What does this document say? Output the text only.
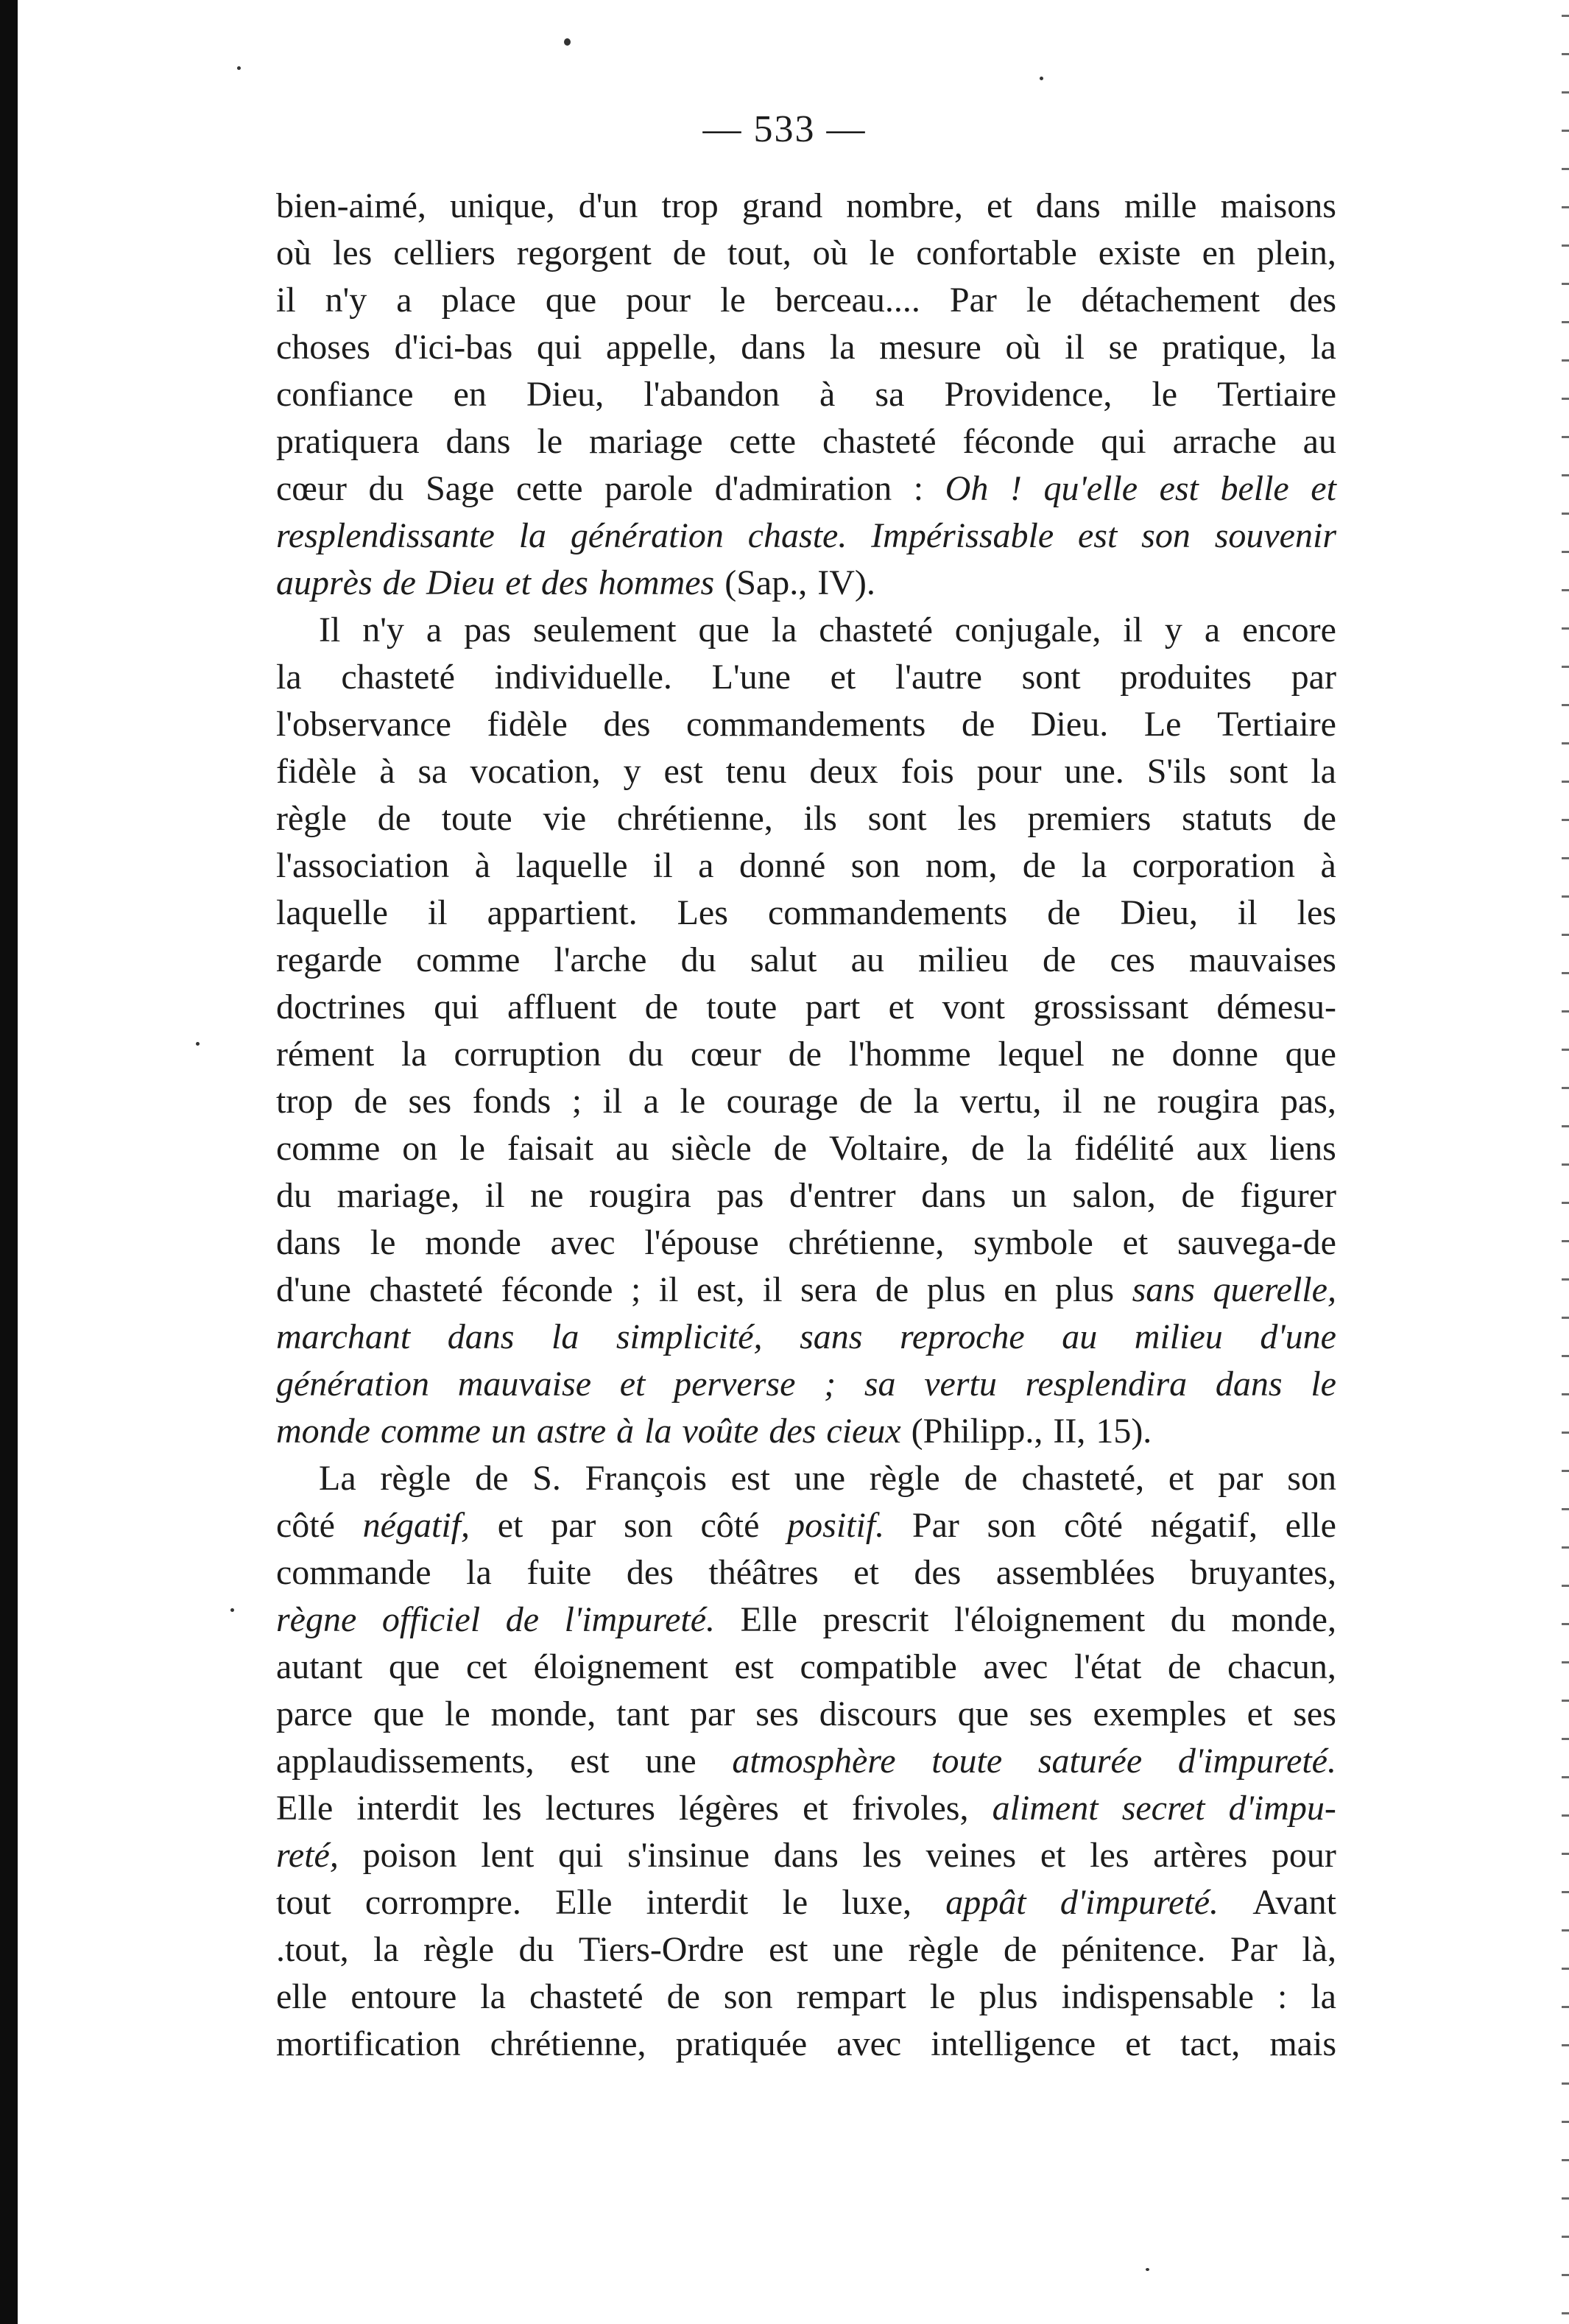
— 533 —
bien-aimé, unique, d'un trop grand nombre, et dans mille maisons
où les celliers regorgent de tout, où le confortable existe en plein,
il n'y a place que pour le berceau.... Par le détachement des
choses d'ici-bas qui appelle, dans la mesure où il se pratique, la
confiance en Dieu, l'abandon à sa Providence, le Tertiaire
pratiquera dans le mariage cette chasteté féconde qui arrache au
cœur du Sage cette parole d'admiration : Oh ! qu'elle est belle et
resplendissante la génération chaste. Impérissable est son souvenir
auprès de Dieu et des hommes (Sap., IV).
Il n'y a pas seulement que la chasteté conjugale, il y a encore
la chasteté individuelle. L'une et l'autre sont produites par
l'observance fidèle des commandements de Dieu. Le Tertiaire
fidèle à sa vocation, y est tenu deux fois pour une. S'ils sont la
règle de toute vie chrétienne, ils sont les premiers statuts de
l'association à laquelle il a donné son nom, de la corporation à
laquelle il appartient. Les commandements de Dieu, il les
regarde comme l'arche du salut au milieu de ces mauvaises
doctrines qui affluent de toute part et vont grossissant démesu-
rément la corruption du cœur de l'homme lequel ne donne que
trop de ses fonds ; il a le courage de la vertu, il ne rougira pas,
comme on le faisait au siècle de Voltaire, de la fidélité aux liens
du mariage, il ne rougira pas d'entrer dans un salon, de figurer
dans le monde avec l'épouse chrétienne, symbole et sauvega-de
d'une chasteté féconde ; il est, il sera de plus en plus sans querelle,
marchant dans la simplicité, sans reproche au milieu d'une
génération mauvaise et perverse ; sa vertu resplendira dans le
monde comme un astre à la voûte des cieux (Philipp., II, 15).
La règle de S. François est une règle de chasteté, et par son
côté négatif, et par son côté positif. Par son côté négatif, elle
commande la fuite des théâtres et des assemblées bruyantes,
règne officiel de l'impureté. Elle prescrit l'éloignement du monde,
autant que cet éloignement est compatible avec l'état de chacun,
parce que le monde, tant par ses discours que ses exemples et ses
applaudissements, est une atmosphère toute saturée d'impureté.
Elle interdit les lectures légères et frivoles, aliment secret d'impu-
reté, poison lent qui s'insinue dans les veines et les artères pour
tout corrompre. Elle interdit le luxe, appât d'impureté. Avant
.tout, la règle du Tiers-Ordre est une règle de pénitence. Par là,
elle entoure la chasteté de son rempart le plus indispensable : la
mortification chrétienne, pratiquée avec intelligence et tact, mais
